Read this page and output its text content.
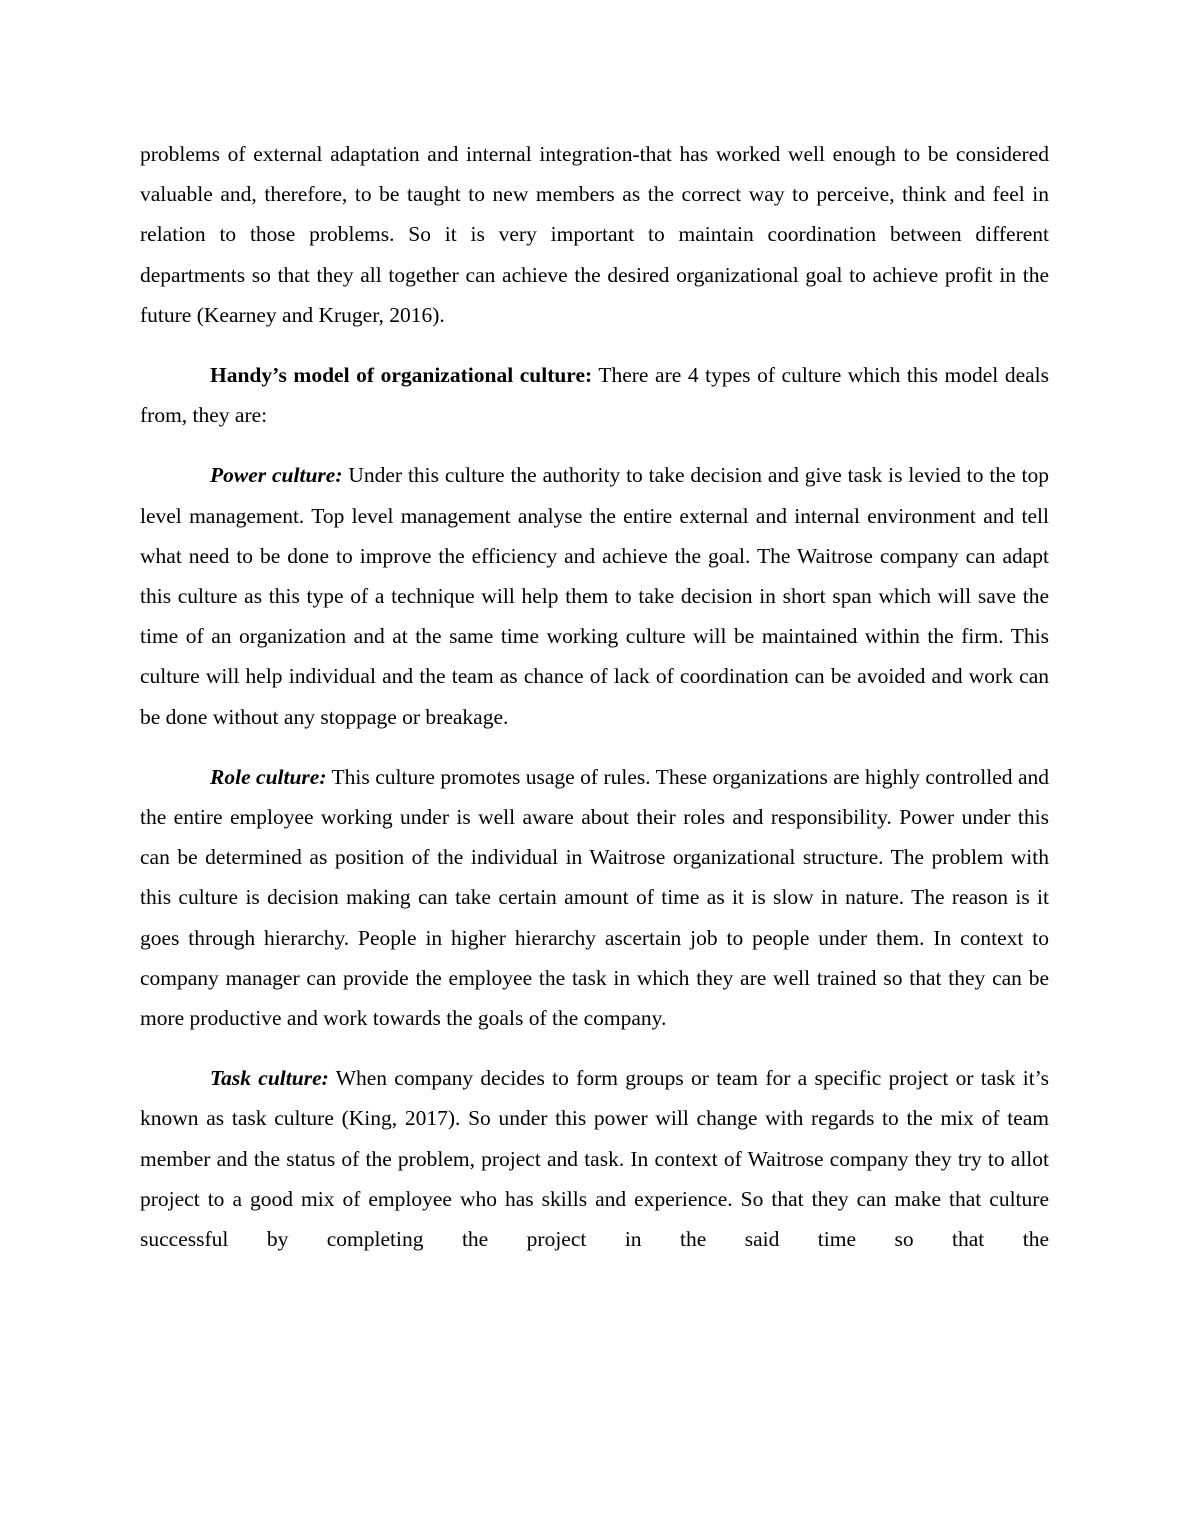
problems of external adaptation and internal integration-that has worked well enough to be considered valuable and, therefore, to be taught to new members as the correct way to perceive, think and feel in relation to those problems. So it is very important to maintain coordination between different departments so that they all together can achieve the desired organizational goal to achieve profit in the future (Kearney and Kruger, 2016).

Handy’s model of organizational culture: There are 4 types of culture which this model deals from, they are:

Power culture: Under this culture the authority to take decision and give task is levied to the top level management. Top level management analyse the entire external and internal environment and tell what need to be done to improve the efficiency and achieve the goal. The Waitrose company can adapt this culture as this type of a technique will help them to take decision in short span which will save the time of an organization and at the same time working culture will be maintained within the firm. This culture will help individual and the team as chance of lack of coordination can be avoided and work can be done without any stoppage or breakage.

Role culture: This culture promotes usage of rules. These organizations are highly controlled and the entire employee working under is well aware about their roles and responsibility. Power under this can be determined as position of the individual in Waitrose organizational structure. The problem with this culture is decision making can take certain amount of time as it is slow in nature. The reason is it goes through hierarchy. People in higher hierarchy ascertain job to people under them. In context to company manager can provide the employee the task in which they are well trained so that they can be more productive and work towards the goals of the company.

Task culture: When company decides to form groups or team for a specific project or task it’s known as task culture (King, 2017). So under this power will change with regards to the mix of team member and the status of the problem, project and task. In context of Waitrose company they try to allot project to a good mix of employee who has skills and experience. So that they can make that culture successful by completing the project in the said time so that the
